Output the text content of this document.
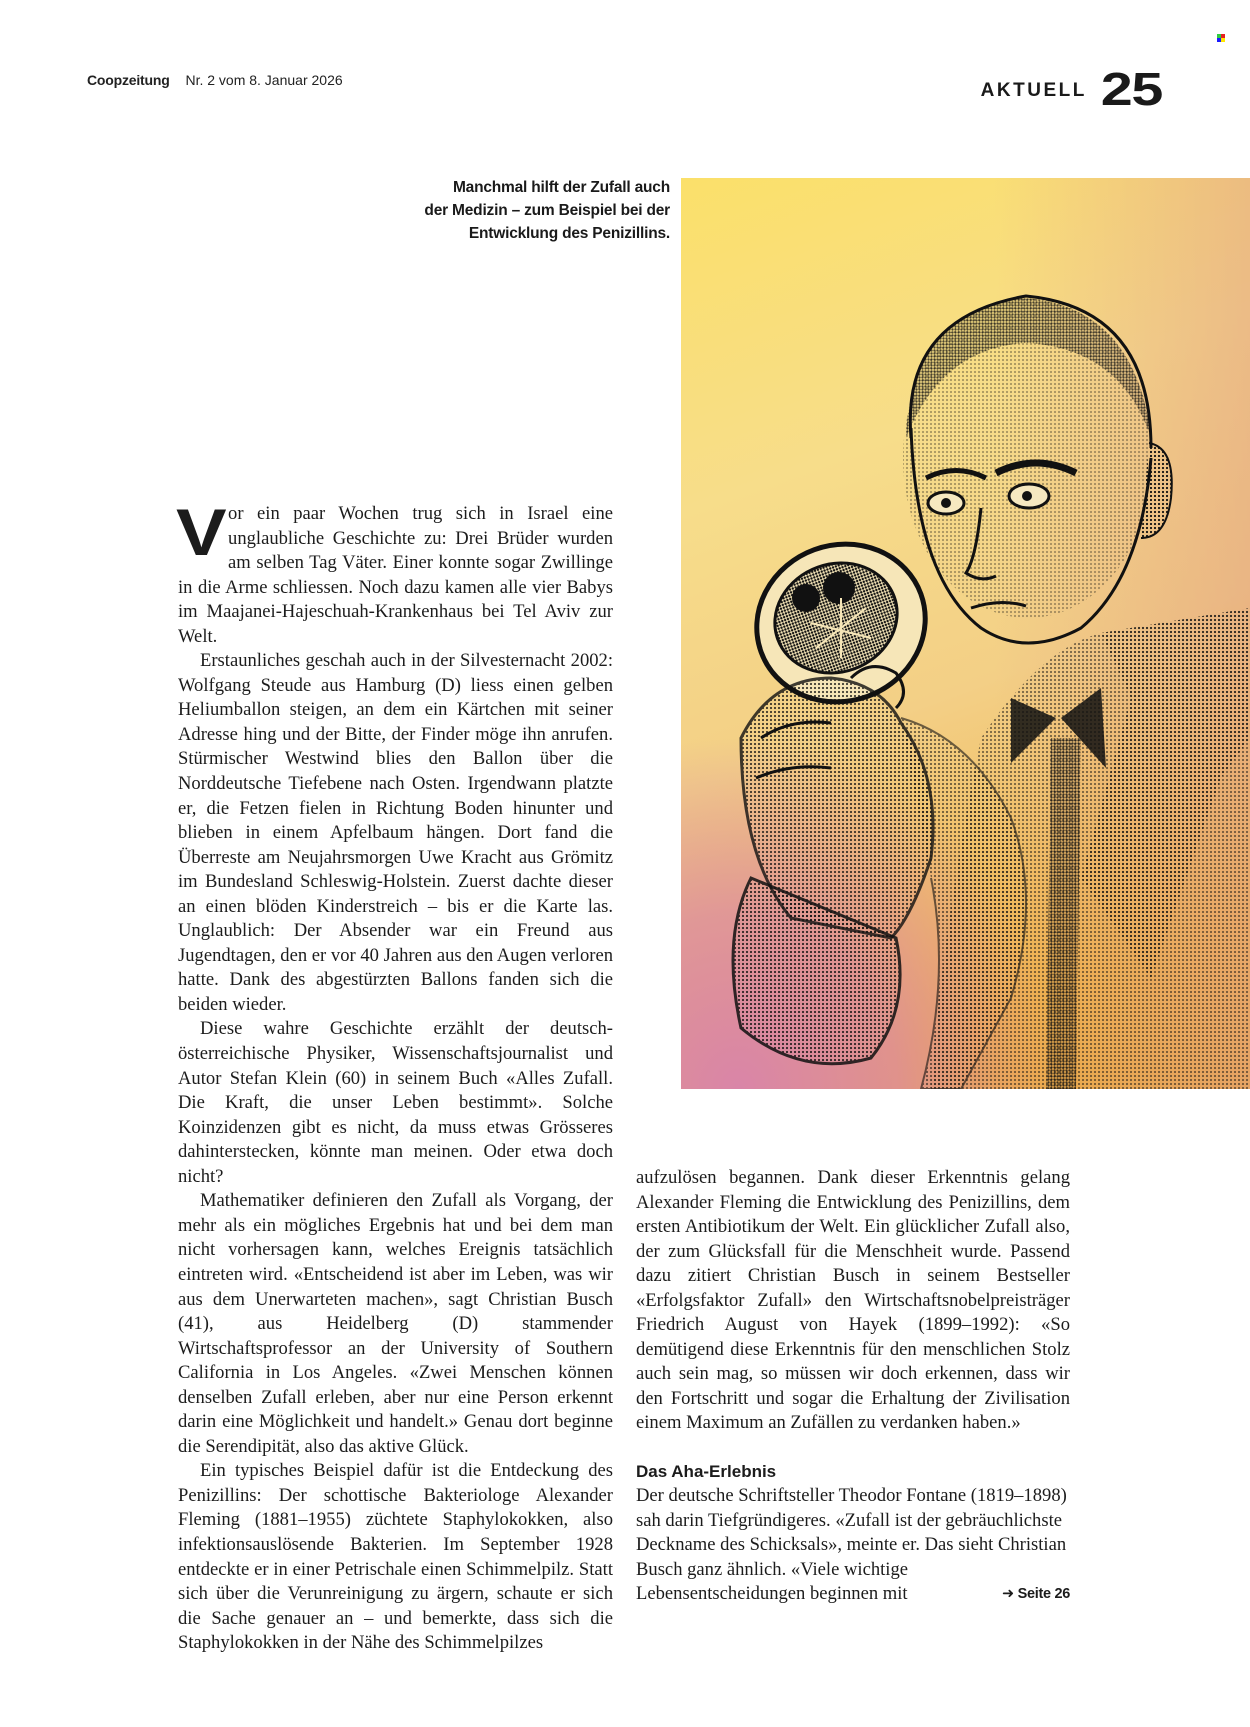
Coopzeitung Nr. 2 vom 8. Januar 2026	AKTUELL 25
Manchmal hilft der Zufall auch
der Medizin – zum Beispiel bei der
Entwicklung des Penizillins.

Vor ein paar Wochen trug sich in Israel eine unglaubliche Geschichte zu: Drei Brüder wurden am selben Tag Väter. Einer konnte sogar Zwillinge in die Arme schliessen. Noch dazu kamen alle vier Babys im Maajanei-Hajeschuah-Krankenhaus bei Tel Aviv zur Welt.

Erstaunliches geschah auch in der Silvesternacht 2002: Wolfgang Steude aus Hamburg (D) liess einen gelben Heliumballon steigen, an dem ein Kärtchen mit seiner Adresse hing und der Bitte, der Finder möge ihn anrufen. Stürmischer Westwind blies den Ballon über die Norddeutsche Tiefebene nach Osten. Irgendwann platzte er, die Fetzen fielen in Richtung Boden hinunter und blieben in einem Apfelbaum hängen. Dort fand die Überreste am Neujahrsmorgen Uwe Kracht aus Grömitz im Bundesland Schleswig-Holstein. Zuerst dachte dieser an einen blöden Kinderstreich – bis er die Karte las. Unglaublich: Der Absender war ein Freund aus Jugendtagen, den er vor 40 Jahren aus den Augen verloren hatte. Dank des abgestürzten Ballons fanden sich die beiden wieder.

Diese wahre Geschichte erzählt der deutsch-österreichische Physiker, Wissenschaftsjournalist und Autor Stefan Klein (60) in seinem Buch «Alles Zufall. Die Kraft, die unser Leben bestimmt». Solche Koinzidenzen gibt es nicht, da muss etwas Grösseres dahinterstecken, könnte man meinen. Oder etwa doch nicht?

Mathematiker definieren den Zufall als Vorgang, der mehr als ein mögliches Ergebnis hat und bei dem man nicht vorhersagen kann, welches Ereignis tatsächlich eintreten wird. «Entscheidend ist aber im Leben, was wir aus dem Unerwarteten machen», sagt Christian Busch (41), aus Heidelberg (D) stammender Wirtschaftsprofessor an der University of Southern California in Los Angeles. «Zwei Menschen können denselben Zufall erleben, aber nur eine Person erkennt darin eine Möglichkeit und handelt.» Genau dort beginne die Serendipität, also das aktive Glück.

Ein typisches Beispiel dafür ist die Entdeckung des Penizillins: Der schottische Bakteriologe Alexander Fleming (1881–1955) züchtete Staphylokokken, also infektionsauslösende Bakterien. Im September 1928 entdeckte er in einer Petrischale einen Schimmelpilz. Statt sich über die Verunreinigung zu ärgern, schaute er sich die Sache genauer an – und bemerkte, dass sich die Staphylokokken in der Nähe des Schimmelpilzes

aufzulösen begannen. Dank dieser Erkenntnis gelang Alexander Fleming die Entwicklung des Penizillins, dem ersten Antibiotikum der Welt. Ein glücklicher Zufall also, der zum Glücksfall für die Menschheit wurde. Passend dazu zitiert Christian Busch in seinem Bestseller «Erfolgsfaktor Zufall» den Wirtschaftsnobelpreisträger Friedrich August von Hayek (1899–1992): «So demütigend diese Erkenntnis für den menschlichen Stolz auch sein mag, so müssen wir doch erkennen, dass wir den Fortschritt und sogar die Erhaltung der Zivilisation einem Maximum an Zufällen zu verdanken haben.»

Das Aha-Erlebnis

Der deutsche Schriftsteller Theodor Fontane (1819–1898) sah darin Tiefgründigeres. «Zufall ist der gebräuchlichste Deckname des Schicksals», meinte er. Das sieht Christian Busch ganz ähnlich. «Viele wichtige Lebensentscheidungen beginnen mit	➜ Seite 26
